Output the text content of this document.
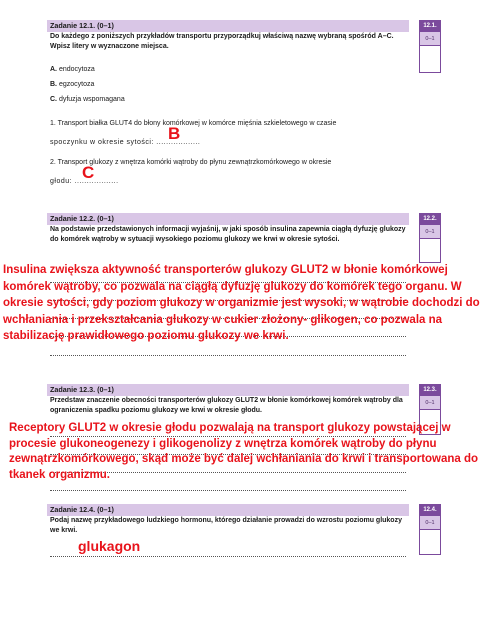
Zadanie 12.1. (0–1)
Do każdego z poniższych przykładów transportu przyporządkuj właściwą nazwę wybraną spośród A–C. Wpisz litery w wyznaczone miejsca.
12.1.
0–1
A. endocytoza
B. egzocytoza
C. dyfuzja wspomagana
1. Transport białka GLUT4 do błony komórkowej w komórce mięśnia szkieletowego w czasie
spoczynku w okresie sytości: ..................
B
2. Transport glukozy z wnętrza komórki wątroby do płynu zewnątrzkomórkowego w okresie
głodu: ..................
C
Zadanie 12.2. (0–1)
Na podstawie przedstawionych informacji wyjaśnij, w jaki sposób insulina zapewnia ciągłą dyfuzję glukozy do komórek wątroby w sytuacji wysokiego poziomu glukozy we krwi w okresie sytości.
12.2.
0–1
Insulina zwiększa aktywność transporterów glukozy GLUT2 w błonie komórkowej komórek wątroby, co pozwala na ciągłą dyfuzję glukozy do komórek tego organu. W okresie sytości, gdy poziom glukozy w organizmie jest wysoki, w wątrobie dochodzi do wchłaniania i przekształcania glukozy w cukier złożony- glikogen, co pozwala na stabilizację prawidłowego poziomu glukozy we krwi.
Zadanie 12.3. (0–1)
Przedstaw znaczenie obecności transporterów glukozy GLUT2 w błonie komórkowej komórek wątroby dla ograniczenia spadku poziomu glukozy we krwi w okresie głodu.
12.3.
0–1
Receptory GLUT2 w okresie głodu pozwalają na transport glukozy powstającej w procesie glukoneogenezy i glikogenolizy z wnętrza komórek wątroby do płynu zewnątrzkomórkowego, skąd może być dalej wchłaniania do krwi i transportowana do tkanek organizmu.
Zadanie 12.4. (0–1)
Podaj nazwę przykładowego ludzkiego hormonu, którego działanie prowadzi do wzrostu poziomu glukozy we krwi.
12.4.
0–1
glukagon
